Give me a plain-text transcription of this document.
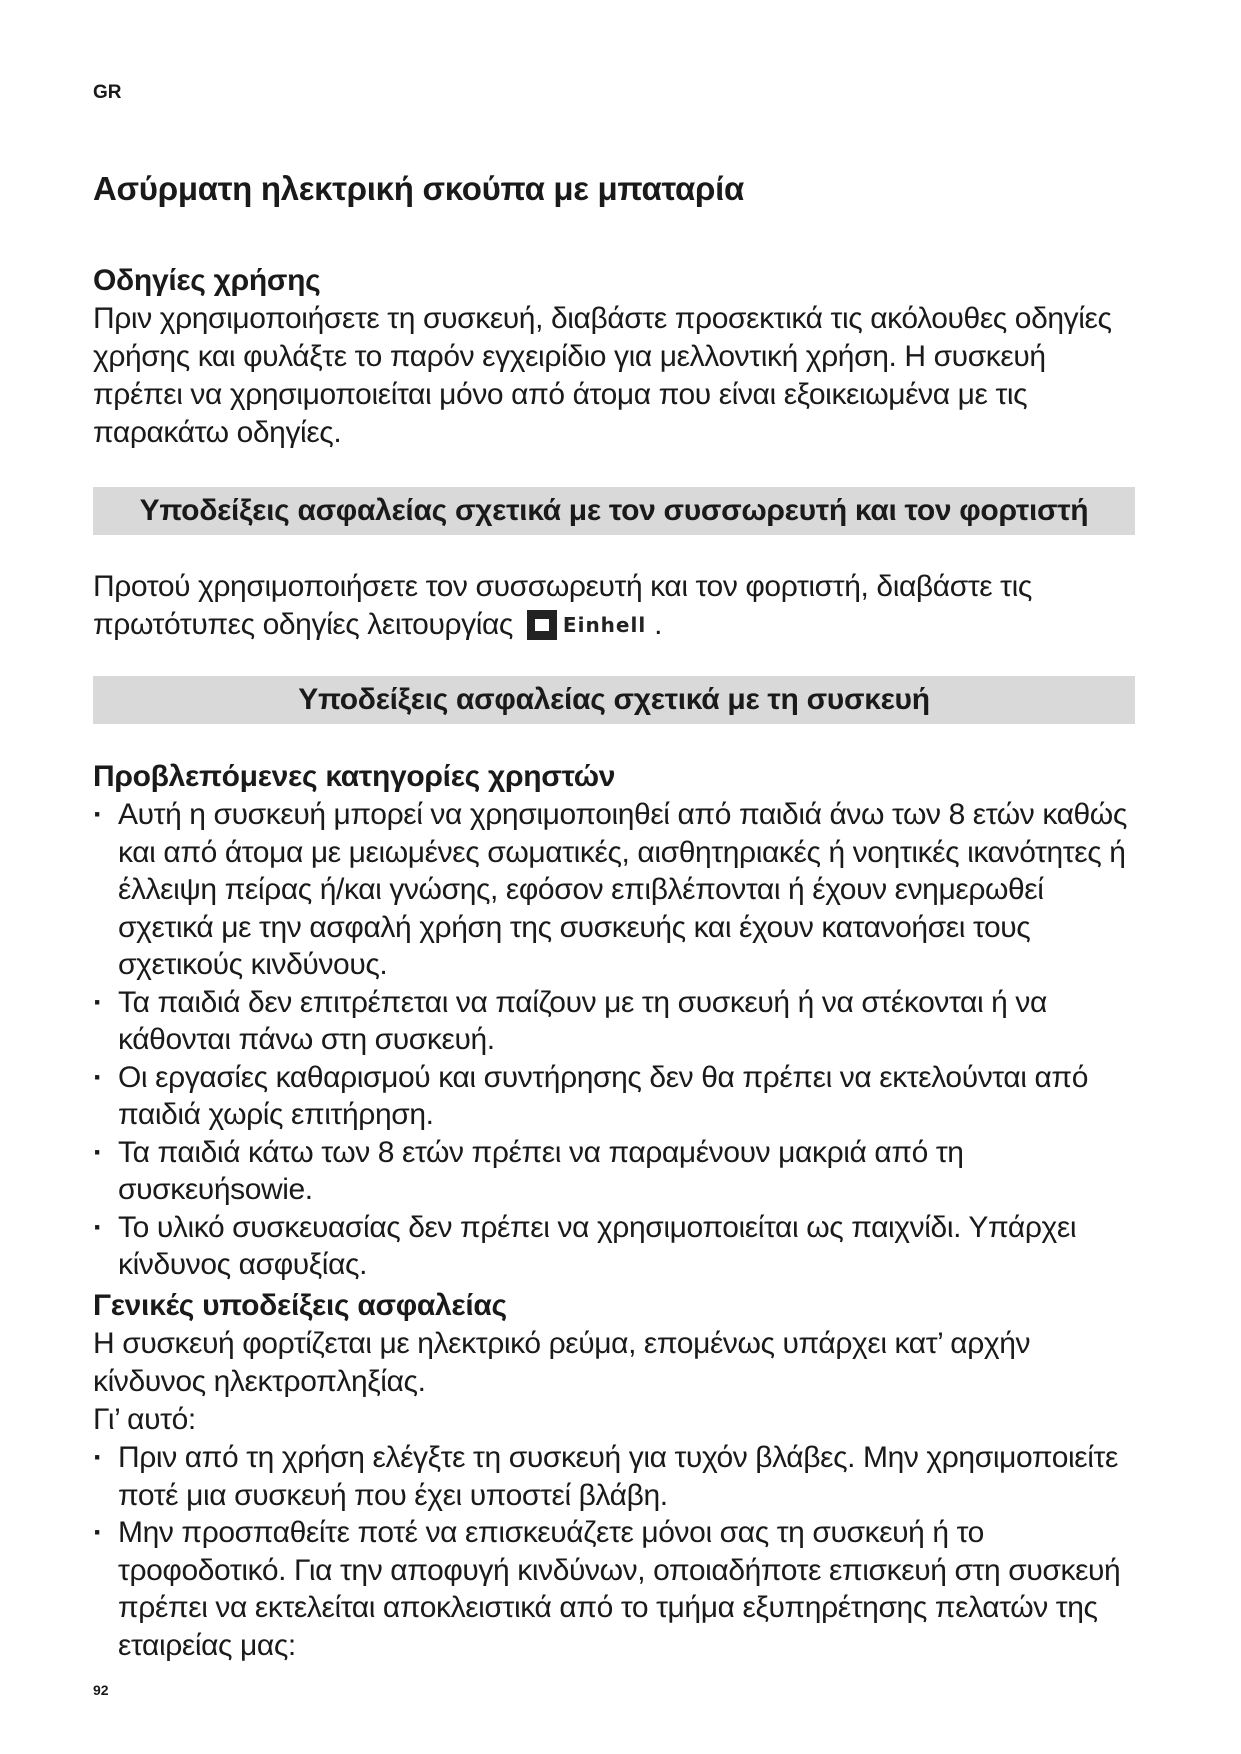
GR
Ασύρματη ηλεκτρική σκούπα με μπαταρία
Οδηγίες χρήσης
Πριν χρησιμοποιήσετε τη συσκευή, διαβάστε προσεκτικά τις ακόλουθες οδηγίες χρήσης και φυλάξτε το παρόν εγχειρίδιο για μελλοντική χρήση. Η συσκευή πρέπει να χρησιμοποιείται μόνο από άτομα που είναι εξοικειωμένα με τις παρακάτω οδηγίες.
Υποδείξεις ασφαλείας σχετικά με τον συσσωρευτή και τον φορτιστή
Προτού χρησιμοποιήσετε τον συσσωρευτή και τον φορτιστή, διαβάστε τις πρωτότυπες οδηγίες λειτουργίας Einhell .
Υποδείξεις ασφαλείας σχετικά με τη συσκευή
Προβλεπόμενες κατηγορίες χρηστών
· Αυτή η συσκευή μπορεί να χρησιμοποιηθεί από παιδιά άνω των 8 ετών καθώς και από άτομα με μειωμένες σωματικές, αισθητηριακές ή νοητικές ικανότητες ή έλλειψη πείρας ή/και γνώσης, εφόσον επιβλέπονται ή έχουν ενημερωθεί σχετικά με την ασφαλή χρήση της συσκευής και έχουν κατανοήσει τους σχετικούς κινδύνους.
· Τα παιδιά δεν επιτρέπεται να παίζουν με τη συσκευή ή να στέκονται ή να κάθονται πάνω στη συσκευή.
· Οι εργασίες καθαρισμού και συντήρησης δεν θα πρέπει να εκτελούνται από παιδιά χωρίς επιτήρηση.
· Τα παιδιά κάτω των 8 ετών πρέπει να παραμένουν μακριά από τη συσκευήsowie.
· Το υλικό συσκευασίας δεν πρέπει να χρησιμοποιείται ως παιχνίδι. Υπάρχει κίνδυνος ασφυξίας.
Γενικές υποδείξεις ασφαλείας
Η συσκευή φορτίζεται με ηλεκτρικό ρεύμα, επομένως υπάρχει κατ’ αρχήν κίνδυνος ηλεκτροπληξίας.
Γι’ αυτό:
· Πριν από τη χρήση ελέγξτε τη συσκευή για τυχόν βλάβες. Μην χρησιμοποιείτε ποτέ μια συσκευή που έχει υποστεί βλάβη.
· Μην προσπαθείτε ποτέ να επισκευάζετε μόνοι σας τη συσκευή ή το τροφοδοτικό. Για την αποφυγή κινδύνων, οποιαδήποτε επισκευή στη συσκευή πρέπει να εκτελείται αποκλειστικά από το τμήμα εξυπηρέτησης πελατών της εταιρείας μας:
92
